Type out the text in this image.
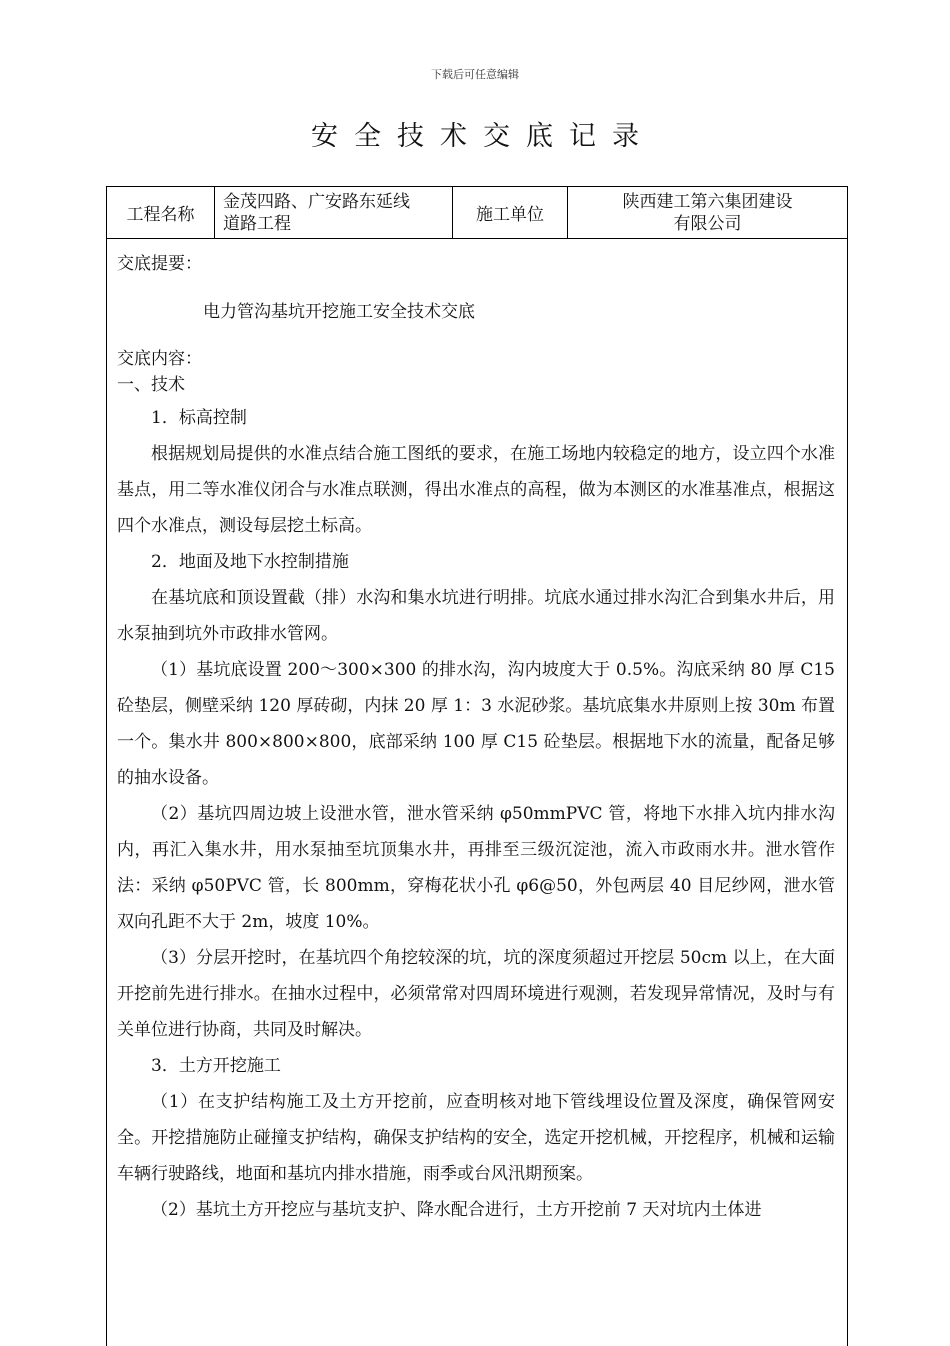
下载后可任意编辑
安全技术交底记录
工程名称
金茂四路、广安路东延线
道路工程	施工单位
陕西建工第六集团建设
有限公司
交底提要：
电力管沟基坑开挖施工安全技术交底
交底内容：
一、技术
1．标高控制
根据规划局提供的水准点结合施工图纸的要求，在施工场地内较稳定的地方，设立四个水准基点，用二等水准仪闭合与水准点联测，得出水准点的高程，做为本测区的水准基准点，根据这四个水准点，测设每层挖土标高。
2．地面及地下水控制措施
在基坑底和顶设置截（排）水沟和集水坑进行明排。坑底水通过排水沟汇合到集水井后，用水泵抽到坑外市政排水管网。
（1）基坑底设置 200～300×300 的排水沟，沟内坡度大于 0.5%。沟底采纳 80 厚 C15 砼垫层，侧壁采纳 120 厚砖砌，内抹 20 厚 1：3 水泥砂浆。基坑底集水井原则上按 30m 布置一个。集水井 800×800×800，底部采纳 100 厚 C15 砼垫层。根据地下水的流量，配备足够的抽水设备。
（2）基坑四周边坡上设泄水管，泄水管采纳 φ50mmPVC 管，将地下水排入坑内排水沟内，再汇入集水井，用水泵抽至坑顶集水井，再排至三级沉淀池，流入市政雨水井。泄水管作法：采纳 φ50PVC 管，长 800mm，穿梅花状小孔 φ6@50，外包两层 40 目尼纱网，泄水管双向孔距不大于 2m，坡度 10%。
（3）分层开挖时，在基坑四个角挖较深的坑，坑的深度须超过开挖层 50cm 以上，在大面开挖前先进行排水。在抽水过程中，必须常常对四周环境进行观测，若发现异常情况，及时与有关单位进行协商，共同及时解决。
3．土方开挖施工
（1）在支护结构施工及土方开挖前，应查明核对地下管线埋设位置及深度，确保管网安全。开挖措施防止碰撞支护结构，确保支护结构的安全，选定开挖机械，开挖程序，机械和运输车辆行驶路线，地面和基坑内排水措施，雨季或台风汛期预案。
（2）基坑土方开挖应与基坑支护、降水配合进行，土方开挖前 7 天对坑内土体进
